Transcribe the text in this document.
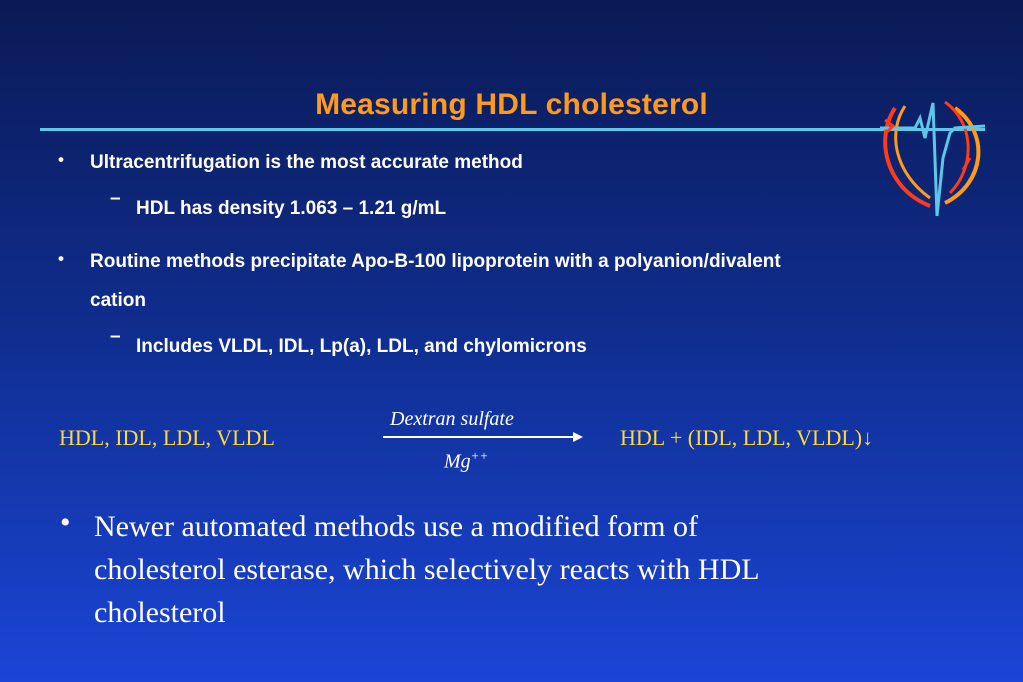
Measuring HDL cholesterol
• Ultracentrifugation is the most accurate method
– HDL has density 1.063 – 1.21 g/mL
• Routine methods precipitate Apo-B-100 lipoprotein with a polyanion/divalent
cation
– Includes VLDL, IDL, Lp(a), LDL, and chylomicrons
HDL, IDL, LDL, VLDL
Dextran sulfate
Mg++
HDL + (IDL, LDL, VLDL)↓
• Newer automated methods use a modified form of
cholesterol esterase, which selectively reacts with HDL
cholesterol
